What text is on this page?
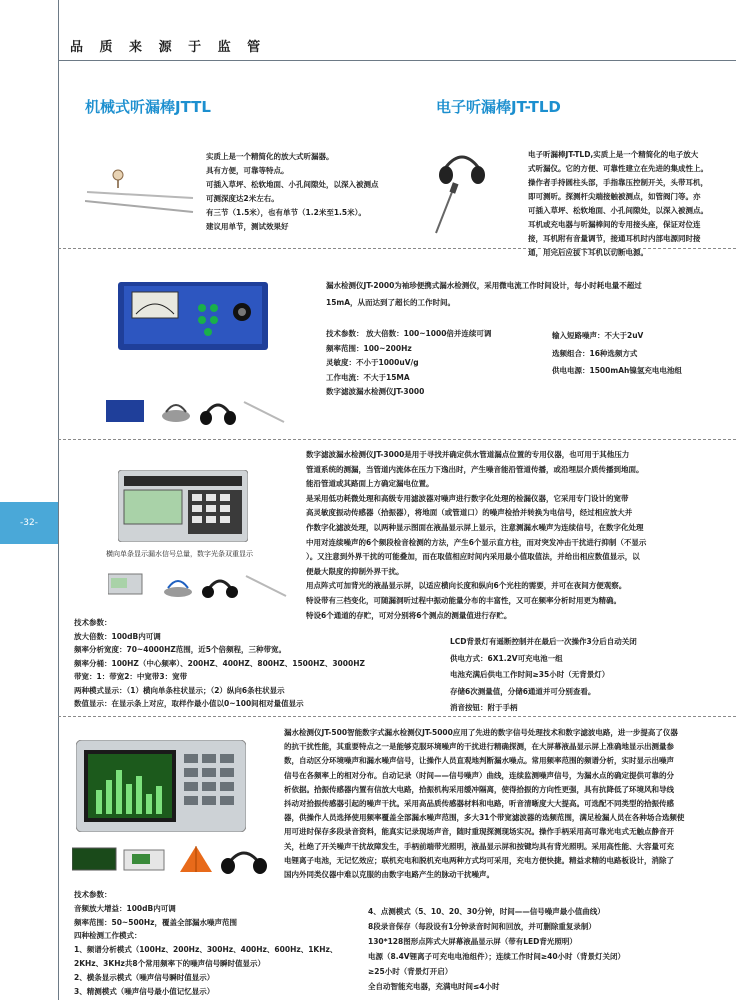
品 质 来 源 于 监 管
-32-
机械式听漏棒JTTL	电子听漏棒JT-TLD
实质上是一个精简化的放大式听漏器。
具有方便，可靠等特点。
可插入草坪、松软地面、小孔间隙处，以深入被测点
可测深度达2米左右。
有三节（1.5米），也有单节（1.2米至1.5米）。
建议用单节，测试效果好
电子听漏棒JT-TLD,实质上是一个精简化的电子放大
式听漏仪。它的方便、可靠性建立在先进的集成性上。
操作者手持圆柱头部，手指靠压控制开关，头带耳机，
即可测听。探测杆尖端接触被测点，如管阀门等。亦
可插入草坪、松软地面、小孔间隙处，以深入被测点。
耳机或充电器与听漏棒间的专用接头座，保证对位连
接，耳机附有音量调节，接通耳机时内部电源同时接
通，用完后应拔下耳机以切断电源。
漏水检测仪JT-2000为袖珍便携式漏水检测仪，采用微电流工作时间设计，每小时耗电量不超过
15mA，从而达到了超长的工作时间。
技术参数： 放大倍数：100~1000倍并连续可调
频率范围：100~200Hz
灵敏度：不小于1000uV/g
工作电流：不大于15MA
数字滤波漏水检测仪JT-3000
输入短路噪声：不大于2uV
选频组合：16种选频方式
供电电源：1500mAh镍氢充电电池组
横向单条显示漏水信号总量，数字光条双重显示
数字滤波漏水检测仪JT-3000是用于寻找并确定供水管道漏点位置的专用仪器，也可用于其他压力
管道系统的测漏，当管道内流体在压力下逸出时，产生噪音能沿管道传播，或沿埋层介质传播到地面。
能沿管道或其路面上方确定漏电位置。
是采用低功耗微处理和高级专用滤波器对噪声进行数字化处理的检漏仪器，它采用专门设计的宽带
高灵敏度振动传感器（拾振器），将地面（或管道口）的噪声检拾并转换为电信号，经过相应放大并
作数字化滤波处理，以两种显示图面在液晶显示屏上显示，注意测漏水噪声为连续信号，在数字化处理
中用对连续噪声的6个频段检音检测的方法，产生6个显示直方柱，而对突发冲击干扰进行抑制（不显示
）。又注意到外界干扰的可能叠加，而在取值相应时间内采用最小值取值法，并给出相应数值显示，以
便最大限度的抑制外界干扰。
用点阵式可加背光的液晶显示屏，以适应横向长度和纵向6个光柱的需要，并可在夜间方便观察。
特设带有三档变化，可随漏洞听过程中振动能量分布的丰富性，又可在频率分析时用更为精确。
特设6个通道的存贮，可对分别将6个测点的测量值进行存贮。
技术参数：
放大倍数：100dB内可调
频率分析宽度：70~4000HZ范围，近5个倍频程，三种带宽。
频率分桶：100HZ（中心频率）、200HZ、400HZ、800HZ、1500HZ、3000HZ
带宽：1：带宽2：中宽带3：宽带
两种模式显示：（1）横向单条柱状显示；（2）纵向6条柱状显示
数值显示：在显示条上对应，取样作最小值以0~100间相对量值显示
LCD背景灯有遥断控制并在最后一次操作3分后自动关闭
供电方式：6X1.2V可充电池一组
电池充满后供电工作时间≥35小时（无背景灯）
存储6次测量值，分储6通道并可分别查看。
消音按钮：附于手柄
漏水检测仪JT-500智能数字式漏水检测仪JT-5000应用了先进的数字信号处理技术和数字滤波电路，进一步提高了仪器
的抗干扰性能，其重要特点之一是能够克服环境噪声的干扰进行精确探测，在大屏幕液晶显示屏上准确地显示出测量参
数，自动区分环境噪声和漏水噪声信号，让操作人员直观地判断漏水噪点。常用频率范围的频谱分析，实时显示出噪声
信号在各频率上的相对分布。自动记录（时间——信号噪声）曲线，连续监测噪声信号，为漏水点的确定提供可靠的分
析依据。拾振传感器内置有信放大电路，拾振机构采用缓冲隔离，使得拾振的方向性更强，具有抗降低了环境风和导线
抖动对拾振传感器引起的噪声干扰。采用高品质传感器材料和电路，听音清晰度大大提高。可选配不同类型的拾振传感
器，供操作人员选择使用频率覆盖全部漏水噪声范围，多大31个带宽滤波器的选频范围，满足检漏人员在各种场合选频使
用可进时保存多段录音资料，能真实记录现场声音，随时重现探测现场实况。操作手柄采用高可靠光电式无触点静音开
关，杜绝了开关噪声干扰故障发生，手柄前端带光照明，液晶显示屏和按键均具有背光照明。采用高性能、大容量可充
电锂离子电池，无记忆效应；联机充电和脱机充电两种方式均可采用，充电方便快捷。精益求精的电路板设计，消除了
国内外同类仪器中难以克服的由数字电路产生的脉动干扰噪声。
技术参数：
音频放大增益：100dB内可调
频率范围：50~500Hz，覆盖全部漏水噪声范围
四种检测工作模式：
1、频谱分析模式（100Hz、200Hz、300Hz、400Hz、600Hz、1KHz、
2KHz、3KHz共8个常用频率下的噪声信号瞬时值显示）
2、横条显示模式（噪声信号瞬时值显示）
3、精测模式（噪声信号最小值记忆显示）
4、点测模式（5、10、20、30分钟，时间——信号噪声最小值曲线）
8段录音保存（每段设有1分钟录音时间和回放，并可删除重复录制）
130*128图形点阵式大屏幕液晶显示屏（带有LED背光照明）
电源（8.4V锂离子可充电电池组件）；连续工作时间≥40小时（背景灯关闭）
≥25小时（背景灯开启）
全自动智能充电器，充满电时间≤4小时
